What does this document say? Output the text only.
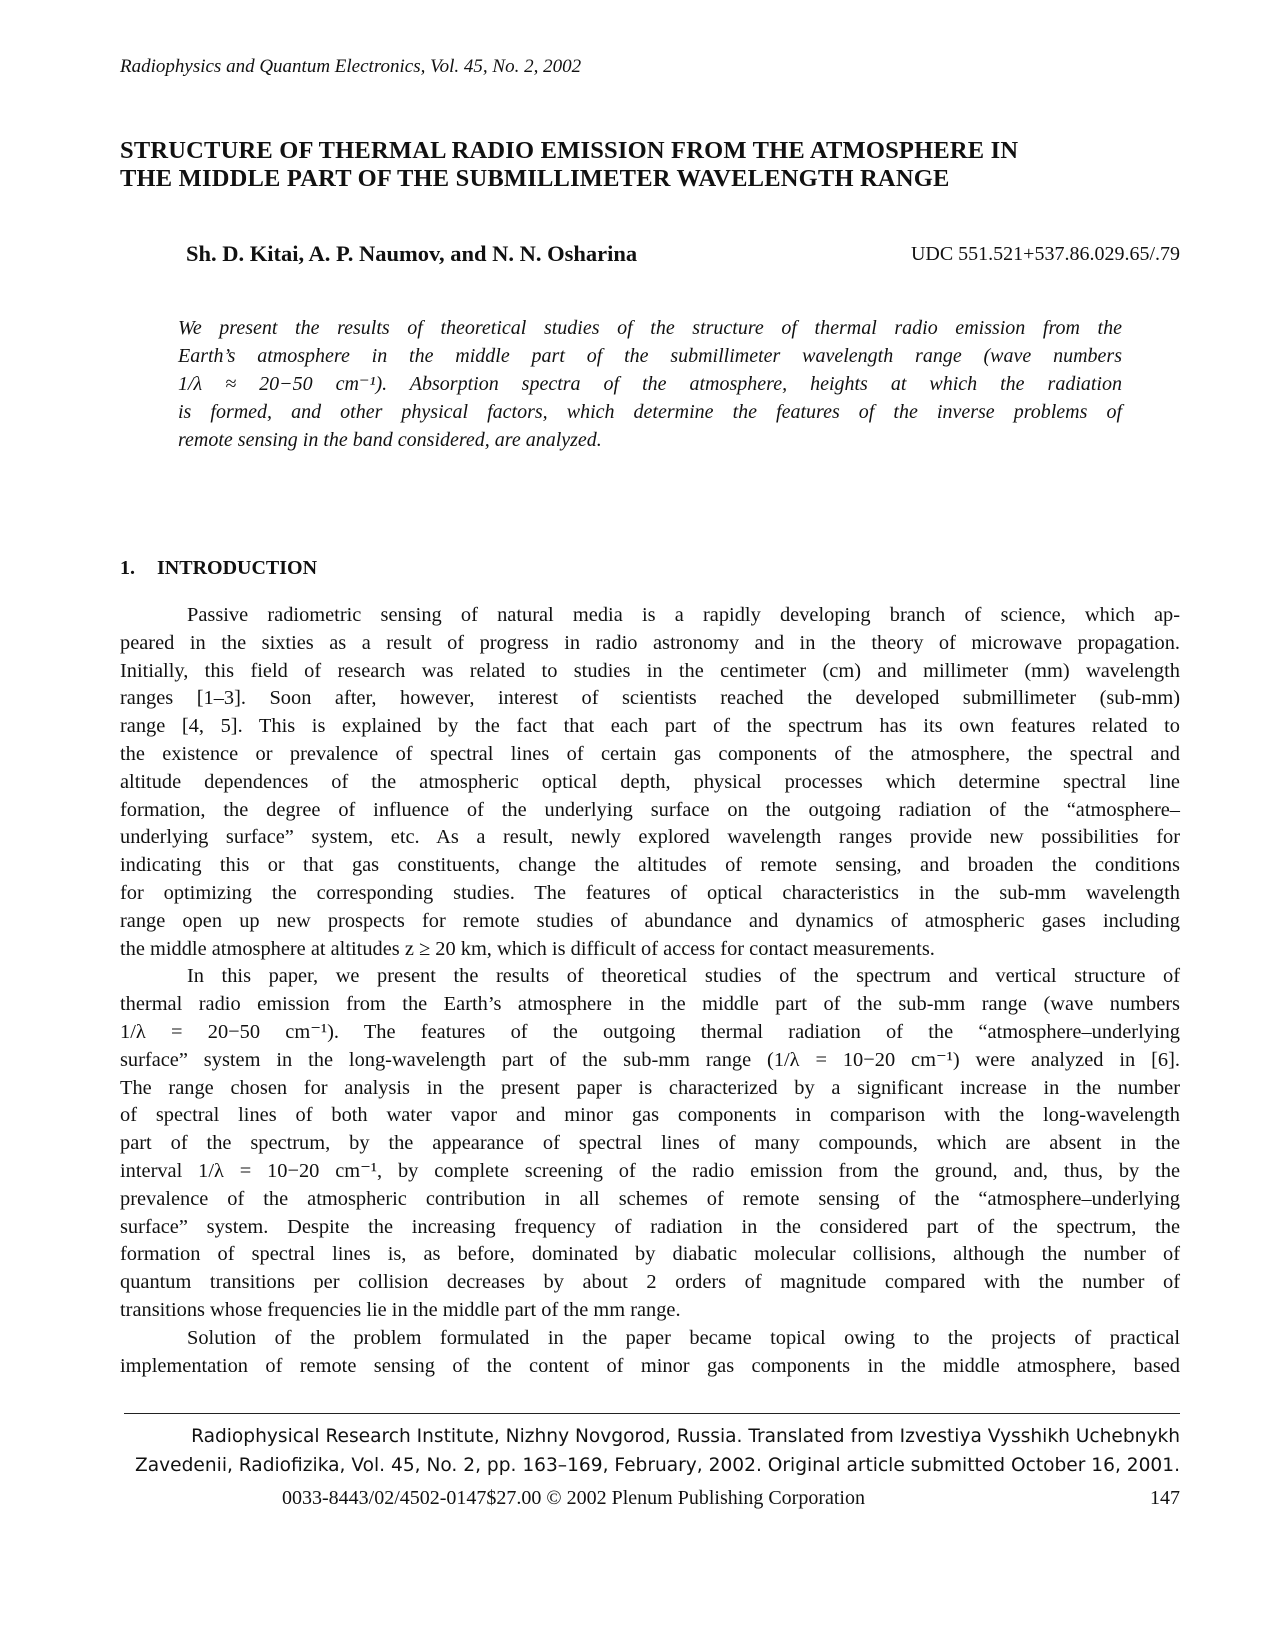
Radiophysics and Quantum Electronics, Vol. 45, No. 2, 2002
STRUCTURE OF THERMAL RADIO EMISSION FROM THE ATMOSPHERE IN
THE MIDDLE PART OF THE SUBMILLIMETER WAVELENGTH RANGE
Sh. D. Kitai, A. P. Naumov, and N. N. Osharina	UDC 551.521+537.86.029.65/.79
We present the results of theoretical studies of the structure of thermal radio emission from the
Earth’s atmosphere in the middle part of the submillimeter wavelength range (wave numbers
1/λ ≈ 20−50 cm⁻¹). Absorption spectra of the atmosphere, heights at which the radiation
is formed, and other physical factors, which determine the features of the inverse problems of
remote sensing in the band considered, are analyzed.
1. INTRODUCTION
Passive radiometric sensing of natural media is a rapidly developing branch of science, which ap-
peared in the sixties as a result of progress in radio astronomy and in the theory of microwave propagation.
Initially, this field of research was related to studies in the centimeter (cm) and millimeter (mm) wavelength
ranges [1–3]. Soon after, however, interest of scientists reached the developed submillimeter (sub-mm)
range [4, 5]. This is explained by the fact that each part of the spectrum has its own features related to
the existence or prevalence of spectral lines of certain gas components of the atmosphere, the spectral and
altitude dependences of the atmospheric optical depth, physical processes which determine spectral line
formation, the degree of influence of the underlying surface on the outgoing radiation of the “atmosphere–
underlying surface” system, etc. As a result, newly explored wavelength ranges provide new possibilities for
indicating this or that gas constituents, change the altitudes of remote sensing, and broaden the conditions
for optimizing the corresponding studies. The features of optical characteristics in the sub-mm wavelength
range open up new prospects for remote studies of abundance and dynamics of atmospheric gases including
the middle atmosphere at altitudes z ≥ 20 km, which is difficult of access for contact measurements.
In this paper, we present the results of theoretical studies of the spectrum and vertical structure of
thermal radio emission from the Earth’s atmosphere in the middle part of the sub-mm range (wave numbers
1/λ = 20−50 cm⁻¹). The features of the outgoing thermal radiation of the “atmosphere–underlying
surface” system in the long-wavelength part of the sub-mm range (1/λ = 10−20 cm⁻¹) were analyzed in [6].
The range chosen for analysis in the present paper is characterized by a significant increase in the number
of spectral lines of both water vapor and minor gas components in comparison with the long-wavelength
part of the spectrum, by the appearance of spectral lines of many compounds, which are absent in the
interval 1/λ = 10−20 cm⁻¹, by complete screening of the radio emission from the ground, and, thus, by the
prevalence of the atmospheric contribution in all schemes of remote sensing of the “atmosphere–underlying
surface” system. Despite the increasing frequency of radiation in the considered part of the spectrum, the
formation of spectral lines is, as before, dominated by diabatic molecular collisions, although the number of
quantum transitions per collision decreases by about 2 orders of magnitude compared with the number of
transitions whose frequencies lie in the middle part of the mm range.
Solution of the problem formulated in the paper became topical owing to the projects of practical
implementation of remote sensing of the content of minor gas components in the middle atmosphere, based
Radiophysical Research Institute, Nizhny Novgorod, Russia. Translated from Izvestiya Vysshikh Uchebnykh
Zavedenii, Radiofizika, Vol. 45, No. 2, pp. 163–169, February, 2002. Original article submitted October 16, 2001.
0033-8443/02/4502-0147$27.00 © 2002 Plenum Publishing Corporation	147
